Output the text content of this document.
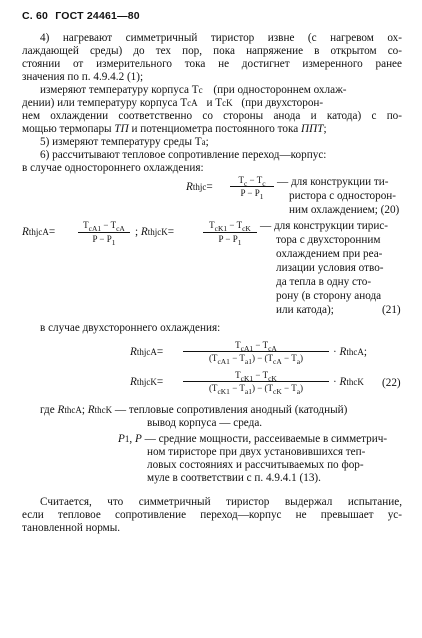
С. 60 ГОСТ 24461—80
4) нагревают симметричный тиристор извне (с нагревом ох-
лаждающей среды) до тех пор, пока напряжение в открытом со-
стоянии от измерительного тока не достигнет измеренного ранее
значения по п. 4.9.4.2 (1);
измеряют температуру корпуса Tc (при одностороннем охлаж-
дении) или температуру корпуса TcA и TcK (при двухсторон-
нем охлаждении соответственно со стороны анода и катода) с по-
мощью термопары ТП и потенциометра постоянного тока ППТ;
5) измеряют температуру среды Ta;
6) рассчитывают тепловое сопротивление переход—корпус:
в случае одностороннего охлаждения:
Rthjc=
$T_c - T_c$
$P - P_1$
— для конструкции ти-
ристора с односторон-
ним охлаждением; (20)
RthjcA=
$T_{cA1} - T_{cA}$
$P - P_1$
; RthjcK=
$T_{cK1} - T_{cK}$
$P - P_1$
— для конструкции тирис-
тора с двухсторонним
охлаждением при реа-
лизации условия отво-
да тепла в одну сто-
рону (в сторону анода
или катода);	(21)
в случае двухстороннего охлаждения:
RthjcA=
$T_{cA1} - T_{cA}$
$(T_{cA1} - T_{a1}) - (T_{cA} - T_a)$	· RthcA;
RthjcK=
$T_{cK1} - T_{cK}$
$(T_{cK1} - T_{a1}) - (T_{cK} - T_a)$	· RthcK (22)
где RthcA; RthcK — тепловые сопротивления анодный (катодный)
вывод корпуса — среда.
P1, P — средние мощности, рассеиваемые в симметрич-
ном тиристоре при двух установившихся теп-
ловых состояниях и рассчитываемых по фор-
муле в соответствии с п. 4.9.4.1 (13).
Считается, что симметричный тиристор выдержал испытание,
если тепловое сопротивление переход—корпус не превышает ус-
тановленной нормы.
